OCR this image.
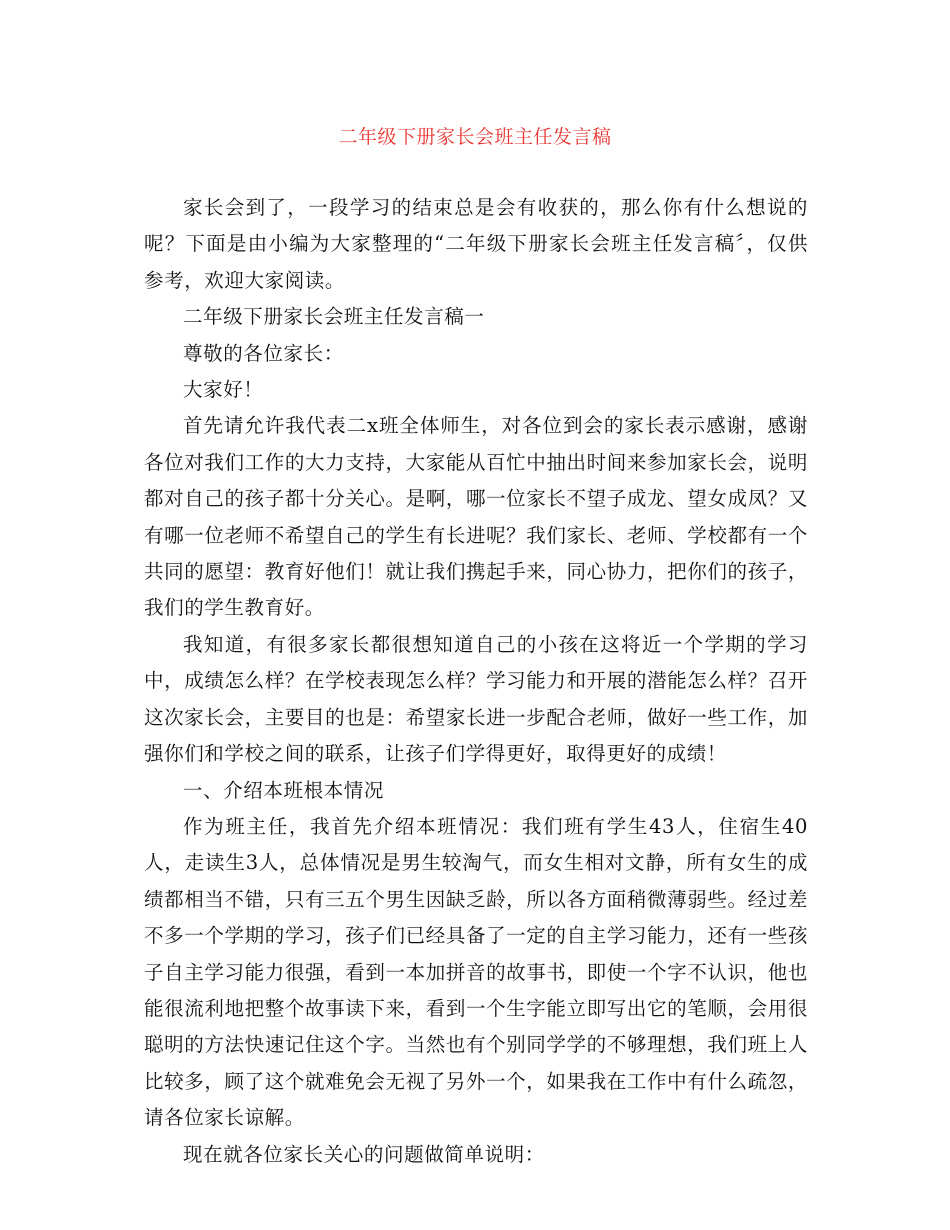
二年级下册家长会班主任发言稿

家长会到了，一段学习的结束总是会有收获的，那么你有什么想说的呢？下面是由小编为大家整理的“二年级下册家长会班主任发言稿〞，仅供参考，欢迎大家阅读。

二年级下册家长会班主任发言稿一

尊敬的各位家长：

大家好！

首先请允许我代表二x班全体师生，对各位到会的家长表示感谢，感谢各位对我们工作的大力支持，大家能从百忙中抽出时间来参加家长会，说明都对自己的孩子都十分关心。是啊，哪一位家长不望子成龙、望女成凤？又有哪一位老师不希望自己的学生有长进呢？我们家长、老师、学校都有一个共同的愿望：教育好他们！就让我们携起手来，同心协力，把你们的孩子，我们的学生教育好。

我知道，有很多家长都很想知道自己的小孩在这将近一个学期的学习中，成绩怎么样？在学校表现怎么样？学习能力和开展的潜能怎么样？召开这次家长会，主要目的也是：希望家长进一步配合老师，做好一些工作，加强你们和学校之间的联系，让孩子们学得更好，取得更好的成绩！

一、介绍本班根本情况

作为班主任，我首先介绍本班情况：我们班有学生43人，住宿生40人，走读生3人，总体情况是男生较淘气，而女生相对文静，所有女生的成绩都相当不错，只有三五个男生因缺乏龄，所以各方面稍微薄弱些。经过差不多一个学期的学习，孩子们已经具备了一定的自主学习能力，还有一些孩子自主学习能力很强，看到一本加拼音的故事书，即使一个字不认识，他也能很流利地把整个故事读下来，看到一个生字能立即写出它的笔顺，会用很聪明的方法快速记住这个字。当然也有个别同学学的不够理想，我们班上人比较多，顾了这个就难免会无视了另外一个，如果我在工作中有什么疏忽，请各位家长谅解。

现在就各位家长关心的问题做简单说明：
